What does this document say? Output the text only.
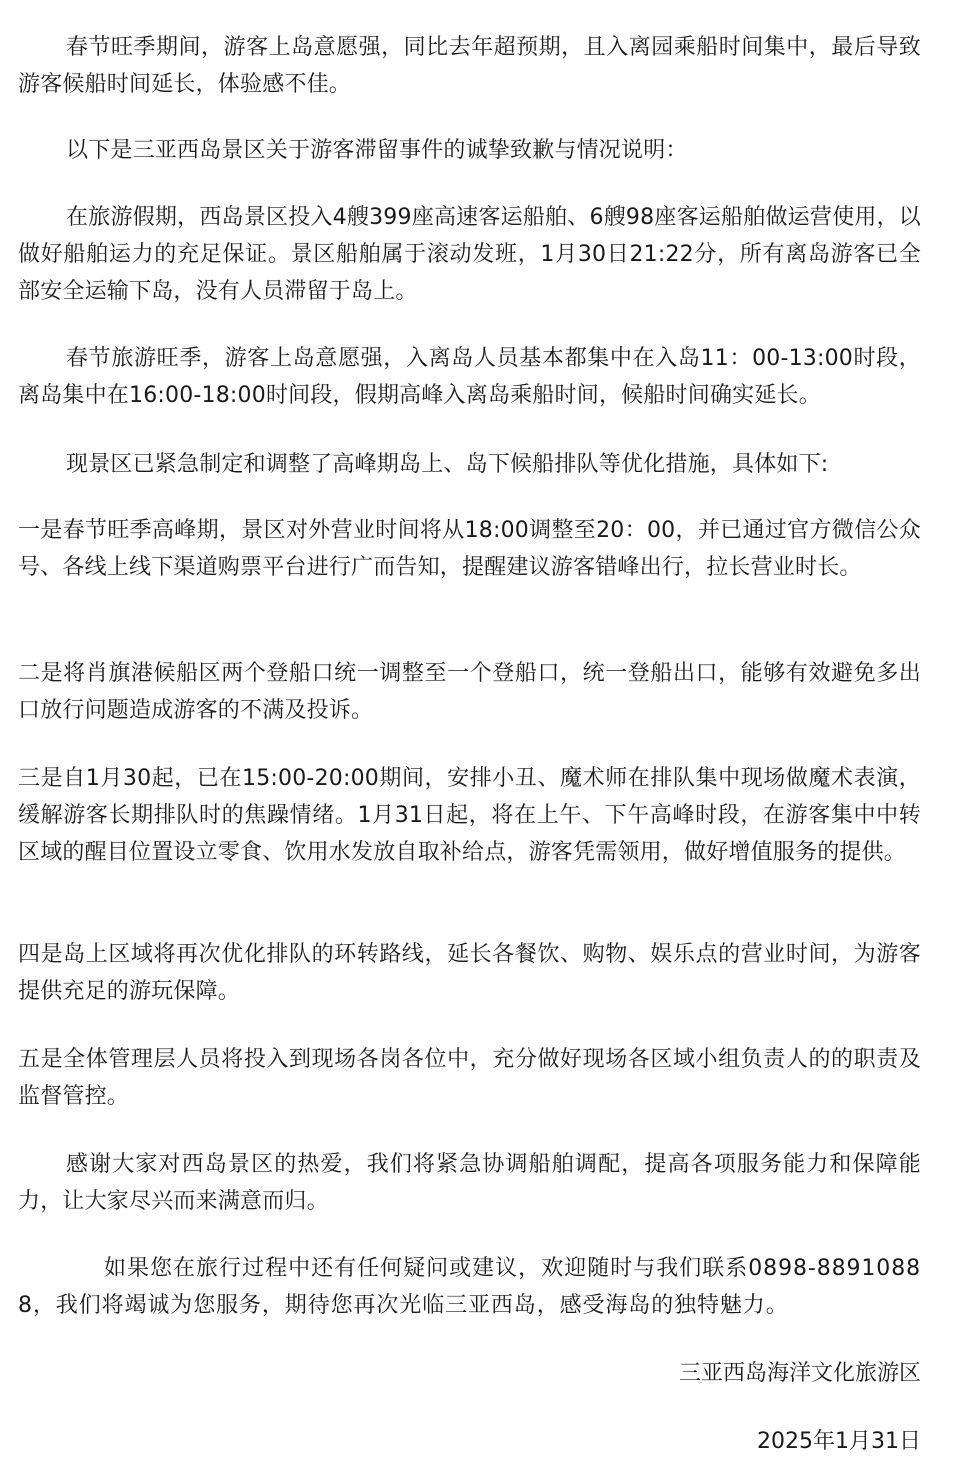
春节旺季期间，游客上岛意愿强，同比去年超预期，且入离园乘船时间集中，最后导致游客候船时间延长，体验感不佳。

以下是三亚西岛景区关于游客滞留事件的诚挚致歉与情况说明：

在旅游假期，西岛景区投入4艘399座高速客运船舶、6艘98座客运船舶做运营使用，以做好船舶运力的充足保证。景区船舶属于滚动发班，1月30日21:22分，所有离岛游客已全部安全运输下岛，没有人员滞留于岛上。

春节旅游旺季，游客上岛意愿强，入离岛人员基本都集中在入岛11：00-13:00时段，离岛集中在16:00-18:00时间段，假期高峰入离岛乘船时间，候船时间确实延长。

现景区已紧急制定和调整了高峰期岛上、岛下候船排队等优化措施，具体如下:

一是春节旺季高峰期，景区对外营业时间将从18:00调整至20：00，并已通过官方微信公众号、各线上线下渠道购票平台进行广而告知，提醒建议游客错峰出行，拉长营业时长。

二是将肖旗港候船区两个登船口统一调整至一个登船口，统一登船出口，能够有效避免多出口放行问题造成游客的不满及投诉。

三是自1月30起，已在15:00-20:00期间，安排小丑、魔术师在排队集中现场做魔术表演，缓解游客长期排队时的焦躁情绪。1月31日起，将在上午、下午高峰时段，在游客集中中转区域的醒目位置设立零食、饮用水发放自取补给点，游客凭需领用，做好增值服务的提供。

四是岛上区域将再次优化排队的环转路线，延长各餐饮、购物、娱乐点的营业时间，为游客提供充足的游玩保障。

五是全体管理层人员将投入到现场各岗各位中，充分做好现场各区域小组负责人的的职责及监督管控。

感谢大家对西岛景区的热爱，我们将紧急协调船舶调配，提高各项服务能力和保障能力，让大家尽兴而来满意而归。

如果您在旅行过程中还有任何疑问或建议，欢迎随时与我们联系0898-88910888，我们将竭诚为您服务，期待您再次光临三亚西岛，感受海岛的独特魅力。

三亚西岛海洋文化旅游区

2025年1月31日
